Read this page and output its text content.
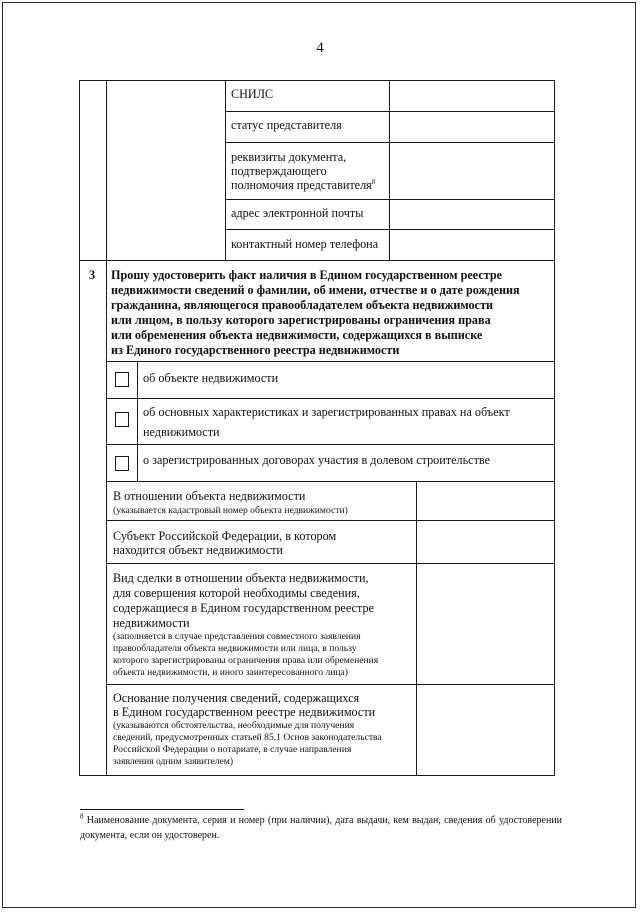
4
СНИЛС
статус представителя
реквизиты документа,
подтверждающего
полномочия представителя$^8$
адрес электронной почты
контактный номер телефона
3 Прошу удостоверить факт наличия в Едином государственном реестре
недвижимости сведений о фамилии, об имени, отчестве и о дате рождения
гражданина, являющегося правообладателем объекта недвижимости
или лицом, в пользу которого зарегистрированы ограничения права
или обременения объекта недвижимости, содержащихся в выписке
из Единого государственного реестра недвижимости
об объекте недвижимости
об основных характеристиках и зарегистрированных правах на объект
недвижимости
о зарегистрированных договорах участия в долевом строительстве
В отношении объекта недвижимости
(указывается кадастровый номер объекта недвижимости)
Субъект Российской Федерации, в котором
находится объект недвижимости
Вид сделки в отношении объекта недвижимости,
для совершения которой необходимы сведения,
содержащиеся в Едином государственном реестре
недвижимости
(заполняется в случае представления совместного заявления
правообладателя объекта недвижимости или лица, в пользу
которого зарегистрированы ограничения права или обременения
объекта недвижимости, и иного заинтересованного лица)
Основание получения сведений, содержащихся
в Едином государственном реестре недвижимости
(указываются обстоятельства, необходимые для получения
сведений, предусмотренных статьей 85.1 Основ законодательства
Российской Федерации о нотариате, в случае направления
заявления одним заявителем)
$^8$ Наименование документа, серия и номер (при наличии), дата выдачи, кем выдан, сведения об удостоверении документа, если он удостоверен.
